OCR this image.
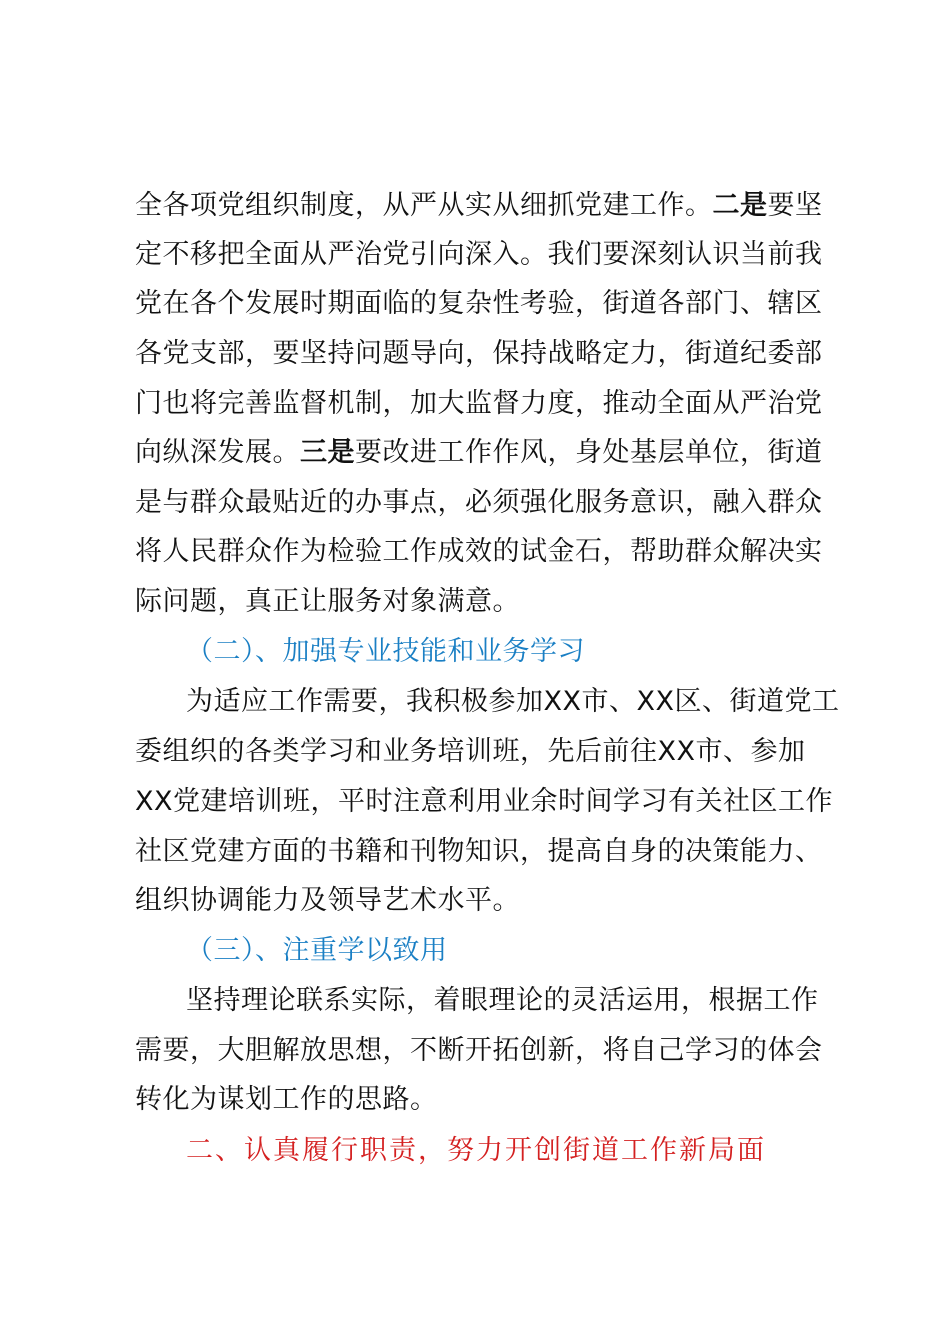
全各项党组织制度，从严从实从细抓党建工作。二是要坚
定不移把全面从严治党引向深入。我们要深刻认识当前我
党在各个发展时期面临的复杂性考验，街道各部门、辖区
各党支部，要坚持问题导向，保持战略定力，街道纪委部
门也将完善监督机制，加大监督力度，推动全面从严治党
向纵深发展。三是要改进工作作风，身处基层单位，街道
是与群众最贴近的办事点，必须强化服务意识，融入群众
将人民群众作为检验工作成效的试金石，帮助群众解决实
际问题，真正让服务对象满意。
（二）、加强专业技能和业务学习
为适应工作需要，我积极参加XX市、XX区、街道党工
委组织的各类学习和业务培训班，先后前往XX市、参加
XX党建培训班，平时注意利用业余时间学习有关社区工作
社区党建方面的书籍和刊物知识，提高自身的决策能力、
组织协调能力及领导艺术水平。
（三）、注重学以致用
坚持理论联系实际，着眼理论的灵活运用，根据工作
需要，大胆解放思想，不断开拓创新，将自己学习的体会
转化为谋划工作的思路。
二、认真履行职责，努力开创街道工作新局面
